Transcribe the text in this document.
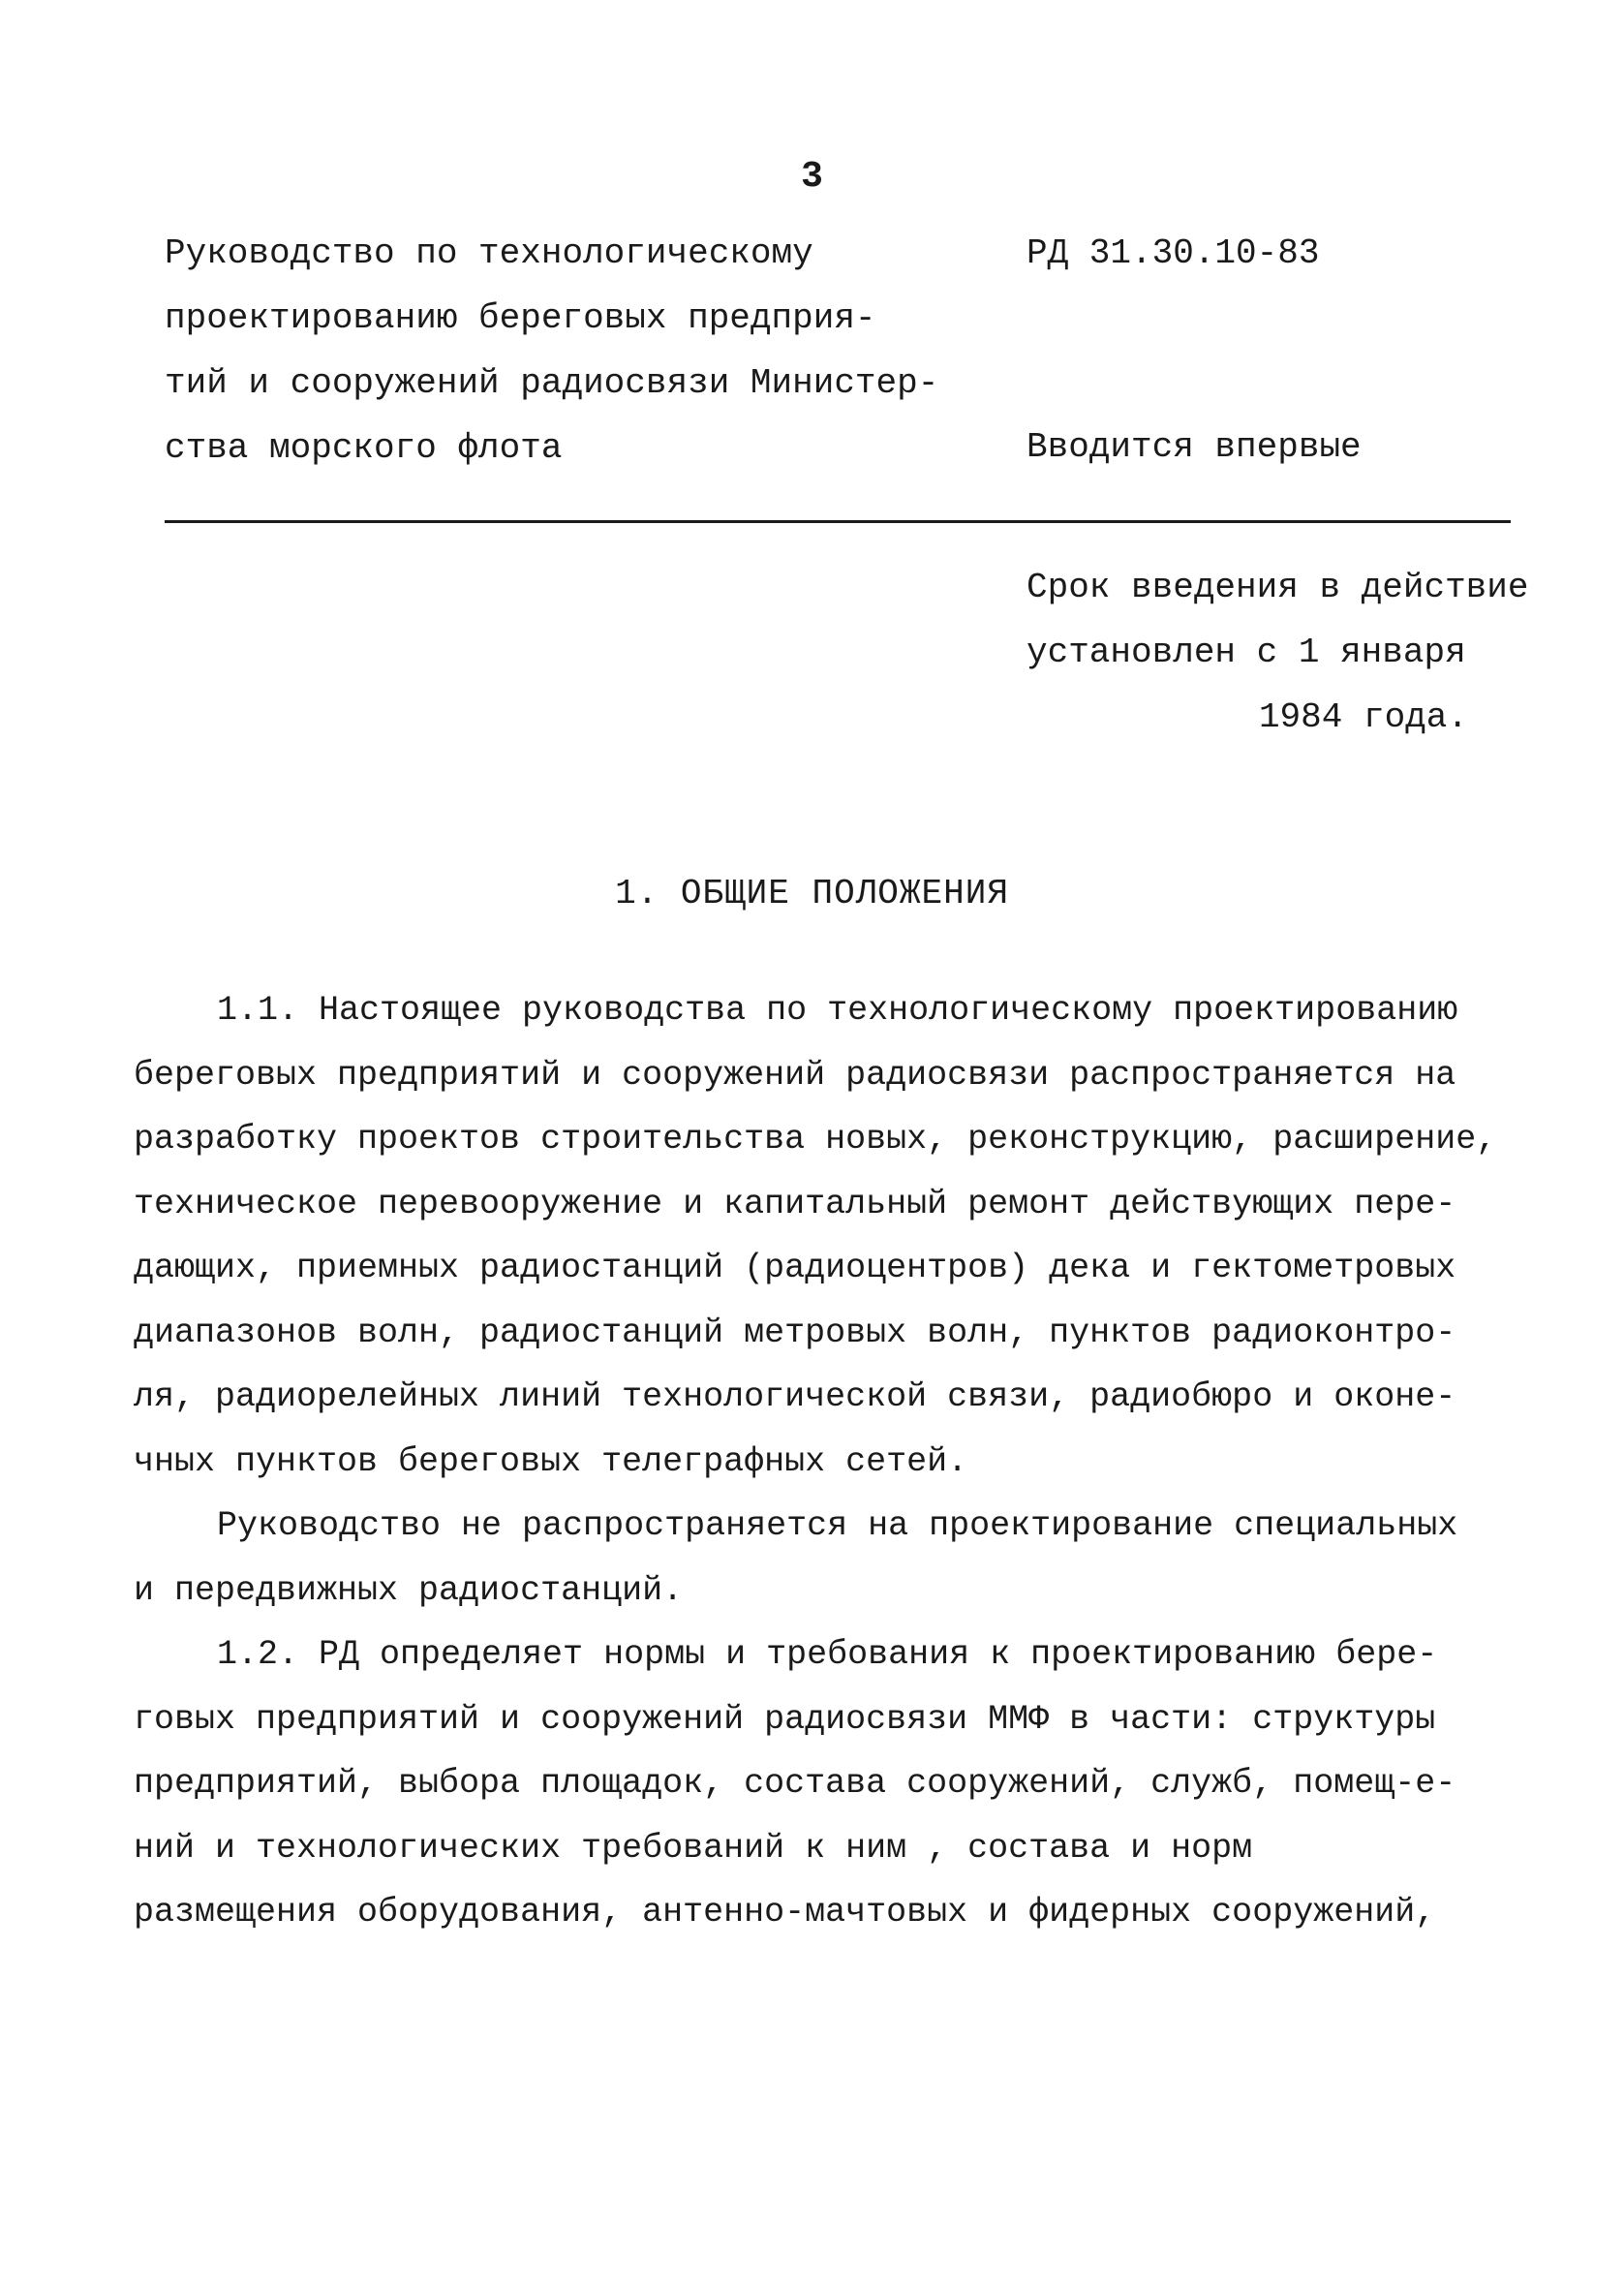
3
Руководство по технологическому
проектированию береговых предприя-
тий и сооружений радиосвязи Министер-
ства морского флота
РД 31.30.10-83
Вводится впервые
Срок введения в действие
установлен с 1 января
1984 года.
1. ОБЩИЕ ПОЛОЖЕНИЯ
1.1. Настоящее руководства по технологическому проектированию
береговых предприятий и сооружений радиосвязи распространяется на
разработку проектов строительства новых, реконструкцию, расширение,
техническое перевооружение и капитальный ремонт действующих пере-
дающих, приемных радиостанций (радиоцентров) дека и гектометровых
диапазонов волн, радиостанций метровых волн, пунктов радиоконтро-
ля, радиорелейных линий технологической связи, радиобюро и оконе-
чных пунктов береговых телеграфных сетей.
Руководство не распространяется на проектирование специальных
и передвижных радиостанций.
1.2. РД определяет нормы и требования к проектированию бере-
говых предприятий и сооружений радиосвязи ММФ в части: структуры
предприятий, выбора площадок, состава сооружений, служб, помещ-е-
ний и технологических требований к ним , состава и норм
размещения оборудования, антенно-мачтовых и фидерных сооружений,
